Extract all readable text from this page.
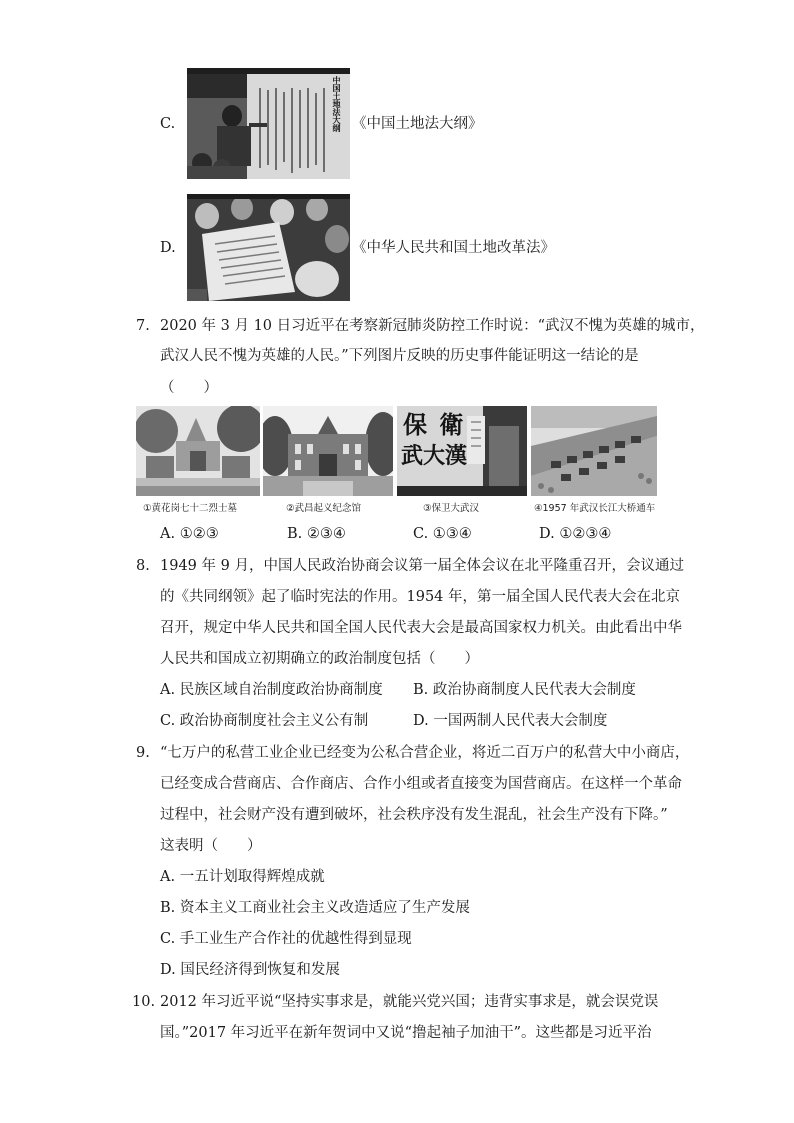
C.	中国土地法大纲 《中国土地法大纲》
D.	《中华人民共和国土地改革法》
7. 2020 年 3 月 10 日习近平在考察新冠肺炎防控工作时说：“武汉不愧为英雄的城市，
武汉人民不愧为英雄的人民。”下列图片反映的历史事件能证明这一结论的是
（　　）
保 衛
武大漢
①黄花岗七十二烈士墓	②武昌起义纪念馆	③保卫大武汉	④1957 年武汉长江大桥通车
A. ①②③	B. ②③④	C. ①③④	D. ①②③④
8. 1949 年 9 月，中国人民政治协商会议第一届全体会议在北平隆重召开，会议通过
的《共同纲领》起了临时宪法的作用。1954 年，第一届全国人民代表大会在北京
召开，规定中华人民共和国全国人民代表大会是最高国家权力机关。由此看出中华
人民共和国成立初期确立的政治制度包括（　　）
A. 民族区域自治制度政治协商制度 B. 政治协商制度人民代表大会制度
C. 政治协商制度社会主义公有制	D. 一国两制人民代表大会制度
9. “七万户的私营工业企业已经变为公私合营企业，将近二百万户的私营大中小商店，
已经变成合营商店、合作商店、合作小组或者直接变为国营商店。在这样一个革命
过程中，社会财产没有遭到破坏，社会秩序没有发生混乱，社会生产没有下降。”
这表明（　　）
A. 一五计划取得辉煌成就
B. 资本主义工商业社会主义改造适应了生产发展
C. 手工业生产合作社的优越性得到显现
D. 国民经济得到恢复和发展
10. 2012 年习近平说“坚持实事求是，就能兴党兴国；违背实事求是，就会误党误
国。”2017 年习近平在新年贺词中又说“撸起袖子加油干”。这些都是习近平治
